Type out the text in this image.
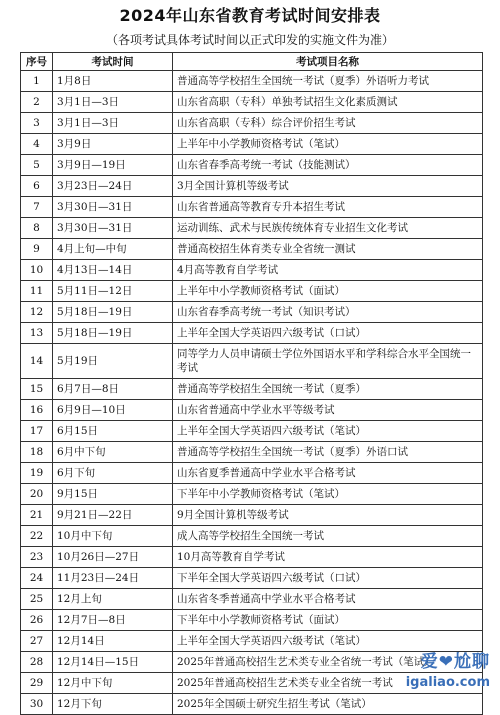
2024年山东省教育考试时间安排表
（各项考试具体考试时间以正式印发的实施文件为准）
序号	考试时间	考试项目名称
1	1月8日	普通高等学校招生全国统一考试（夏季）外语听力考试
2	3月1日—3日	山东省高职（专科）单独考试招生文化素质测试
3	3月1日—3日	山东省高职（专科）综合评价招生考试
4	3月9日	上半年中小学教师资格考试（笔试）
5	3月9日—19日	山东省春季高考统一考试（技能测试）
6	3月23日—24日	3月全国计算机等级考试
7	3月30日—31日	山东省普通高等教育专升本招生考试
8	3月30日—31日	运动训练、武术与民族传统体育专业招生文化考试
9	4月上旬—中旬	普通高校招生体育类专业全省统一测试
10	4月13日—14日	4月高等教育自学考试
11	5月11日—12日	上半年中小学教师资格考试（面试）
12	5月18日—19日	山东省春季高考统一考试（知识考试）
13	5月18日—19日	上半年全国大学英语四六级考试（口试）
14	5月19日	同等学力人员申请硕士学位外国语水平和学科综合水平全国统一考试
15	6月7日—8日	普通高等学校招生全国统一考试（夏季）
16	6月9日—10日	山东省普通高中学业水平等级考试
17	6月15日	上半年全国大学英语四六级考试（笔试）
18	6月中下旬	普通高等学校招生全国统一考试（夏季）外语口试
19	6月下旬	山东省夏季普通高中学业水平合格考试
20	9月15日	下半年中小学教师资格考试（笔试）
21	9月21日—22日	9月全国计算机等级考试
22	10月中下旬	成人高等学校招生全国统一考试
23	10月26日—27日	10月高等教育自学考试
24	11月23日—24日	下半年全国大学英语四六级考试（口试）
25	12月上旬	山东省冬季普通高中学业水平合格考试
26	12月7日—8日	下半年中小学教师资格考试（面试）
27	12月14日	上半年全国大学英语四六级考试（笔试）
28	12月14日—15日	2025年普通高校招生艺术类专业全省统一考试（笔试）
29	12月中下旬	2025年普通高校招生艺术类专业全省统一考试
30	12月下旬	2025年全国硕士研究生招生考试（笔试）
爱❤尬聊
igaliao.com
